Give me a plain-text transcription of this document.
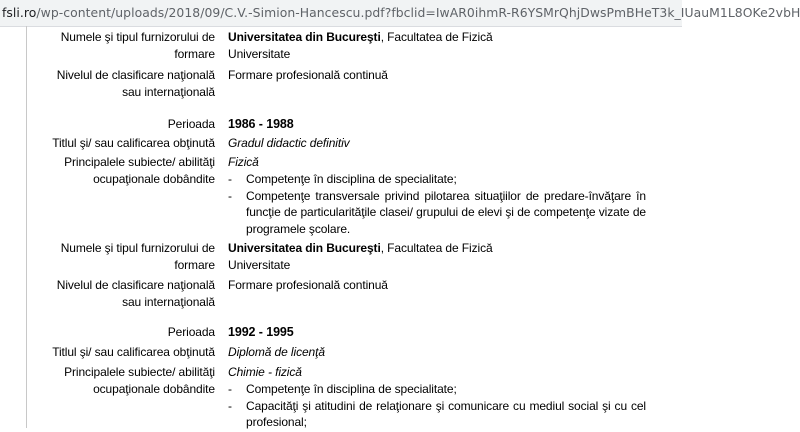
fsli.ro/wp-content/uploads/2018/09/C.V.-Simion-Hancescu.pdf?fbclid=IwAR0ihmR-R6YSMrQhjDwsPmBHeT3k_IUauM1L8OKe2vbH
Numele şi tipul furnizorului de
formare
Universitatea din Bucureşti, Facultatea de Fizică
Universitate
Nivelul de clasificare naţională
sau internaţională
Formare profesională continuă
Perioada 1986 - 1988
Titlul şi/ sau calificarea obţinută Gradul didactic definitiv
Principalele subiecte/ abilităţi
ocupaţionale dobândite
Fizică
- Competenţe în disciplina de specialitate;
- Competenţe transversale privind pilotarea situaţiilor de predare-învăţare în funcţie de particularităţile clasei/ grupului de elevi şi de competenţe vizate de programele şcolare.
Numele şi tipul furnizorului de
formare
Universitatea din Bucureşti, Facultatea de Fizică
Universitate
Nivelul de clasificare naţională
sau internaţională
Formare profesională continuă
Perioada 1992 - 1995
Titlul şi/ sau calificarea obţinută Diplomă de licenţă
Principalele subiecte/ abilităţi
ocupaţionale dobândite
Chimie - fizică
- Competenţe în disciplina de specialitate;
- Capacităţi şi atitudini de relaţionare şi comunicare cu mediul social şi cu cel profesional;
